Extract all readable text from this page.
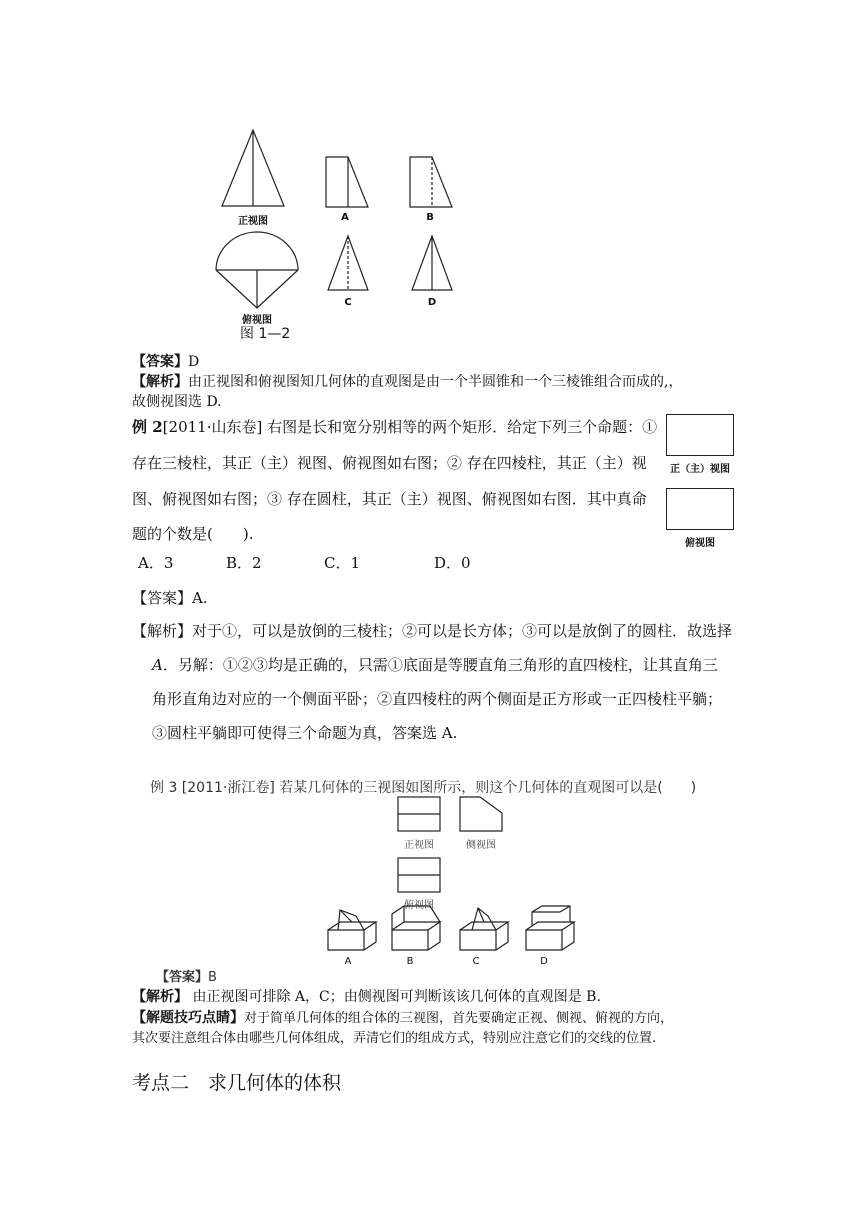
正视图	A	B
俯视图
C	D
图 1—2
【答案】D
【解析】由正视图和俯视图知几何体的直观图是由一个半圆锥和一个三棱锥组合而成的,，
故侧视图选 D.
例 2[2011·山东卷] 右图是长和宽分别相等的两个矩形．给定下列三个命题：①
存在三棱柱，其正（主）视图、俯视图如右图；② 存在四棱柱，其正（主）视
图、俯视图如右图；③ 存在圆柱，其正（主）视图、俯视图如右图．其中真命
题的个数是(　　).
A．3	B．2	C．1	D．0
正（主）视图
俯视图
【答案】A.
【解析】对于①，可以是放倒的三棱柱；②可以是长方体；③可以是放倒了的圆柱．故选择
A．另解：①②③均是正确的，只需①底面是等腰直角三角形的直四棱柱，让其直角三
角形直角边对应的一个侧面平卧；②直四棱柱的两个侧面是正方形或一正四棱柱平躺；
③圆柱平躺即可使得三个命题为真，答案选 A.
例 3 [2011·浙江卷] 若某几何体的三视图如图所示，则这个几何体的直观图可以是(　　)
正视图	侧视图
俯视图
A	B	C	D
【答案】B
【解析】 由正视图可排除 A，C；由侧视图可判断该该几何体的直观图是 B.
【解题技巧点睛】对于简单几何体的组合体的三视图，首先要确定正视、侧视、俯视的方向，
其次要注意组合体由哪些几何体组成，弄清它们的组成方式，特别应注意它们的交线的位置.
考点二　求几何体的体积
